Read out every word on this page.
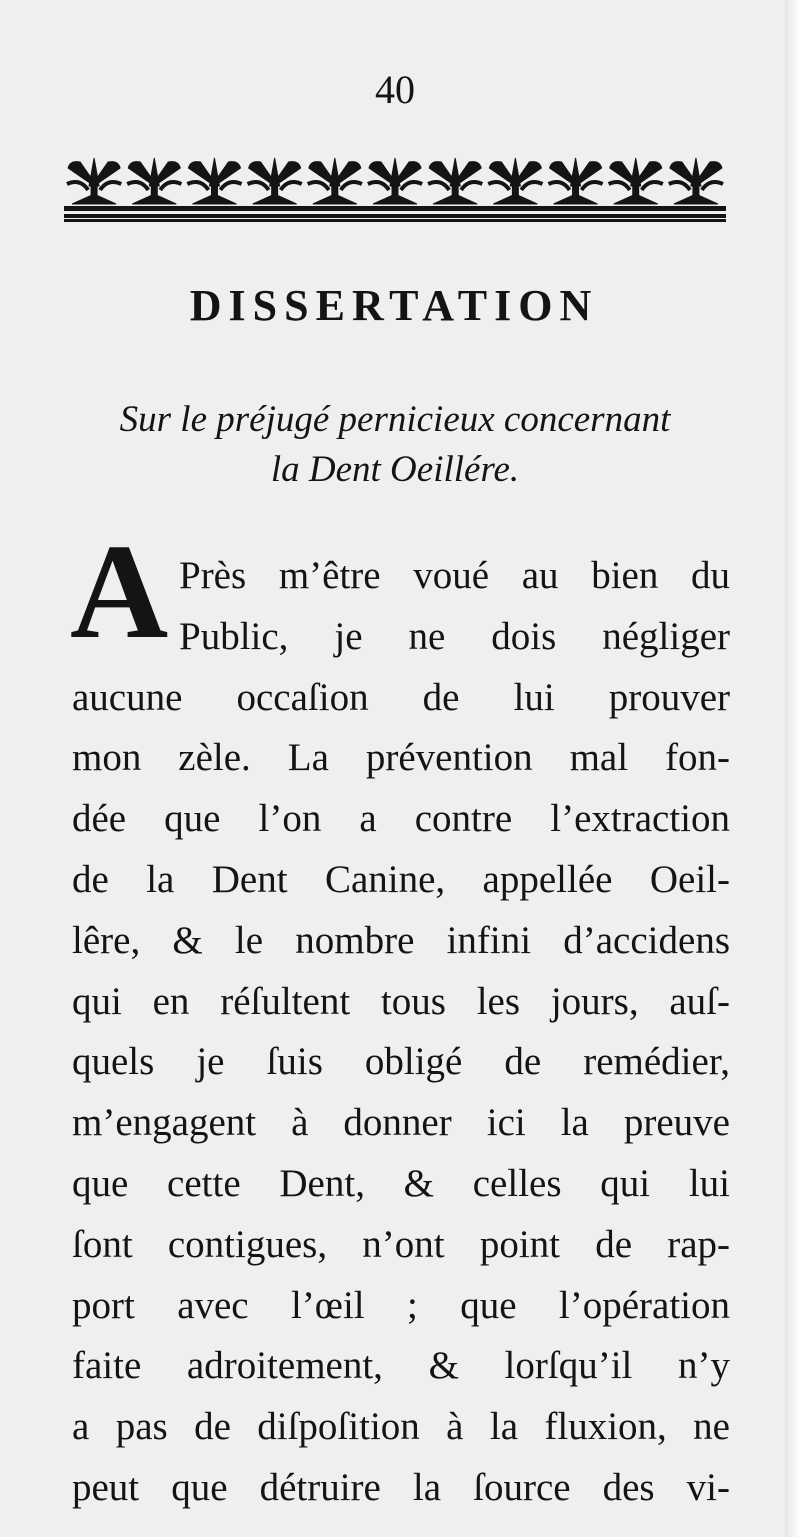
40
DISSERTATION
Sur le préjugé pernicieux concernant
la Dent Oeillére.
A Près m’être voué au bien du
Public, je ne dois négliger
aucune occaſion de lui prouver
mon zèle. La prévention mal fon-
dée que l’on a contre l’extraction
de la Dent Canine, appellée Oeil-
lêre, & le nombre infini d’accidens
qui en réſultent tous les jours, auſ-
quels je ſuis obligé de remédier,
m’engagent à donner ici la preuve
que cette Dent, & celles qui lui
ſont contigues, n’ont point de rap-
port avec l’œil ; que l’opération
faite adroitement, & lorſqu’il n’y
a pas de diſpoſition à la fluxion, ne
peut que détruire la ſource des vi-
